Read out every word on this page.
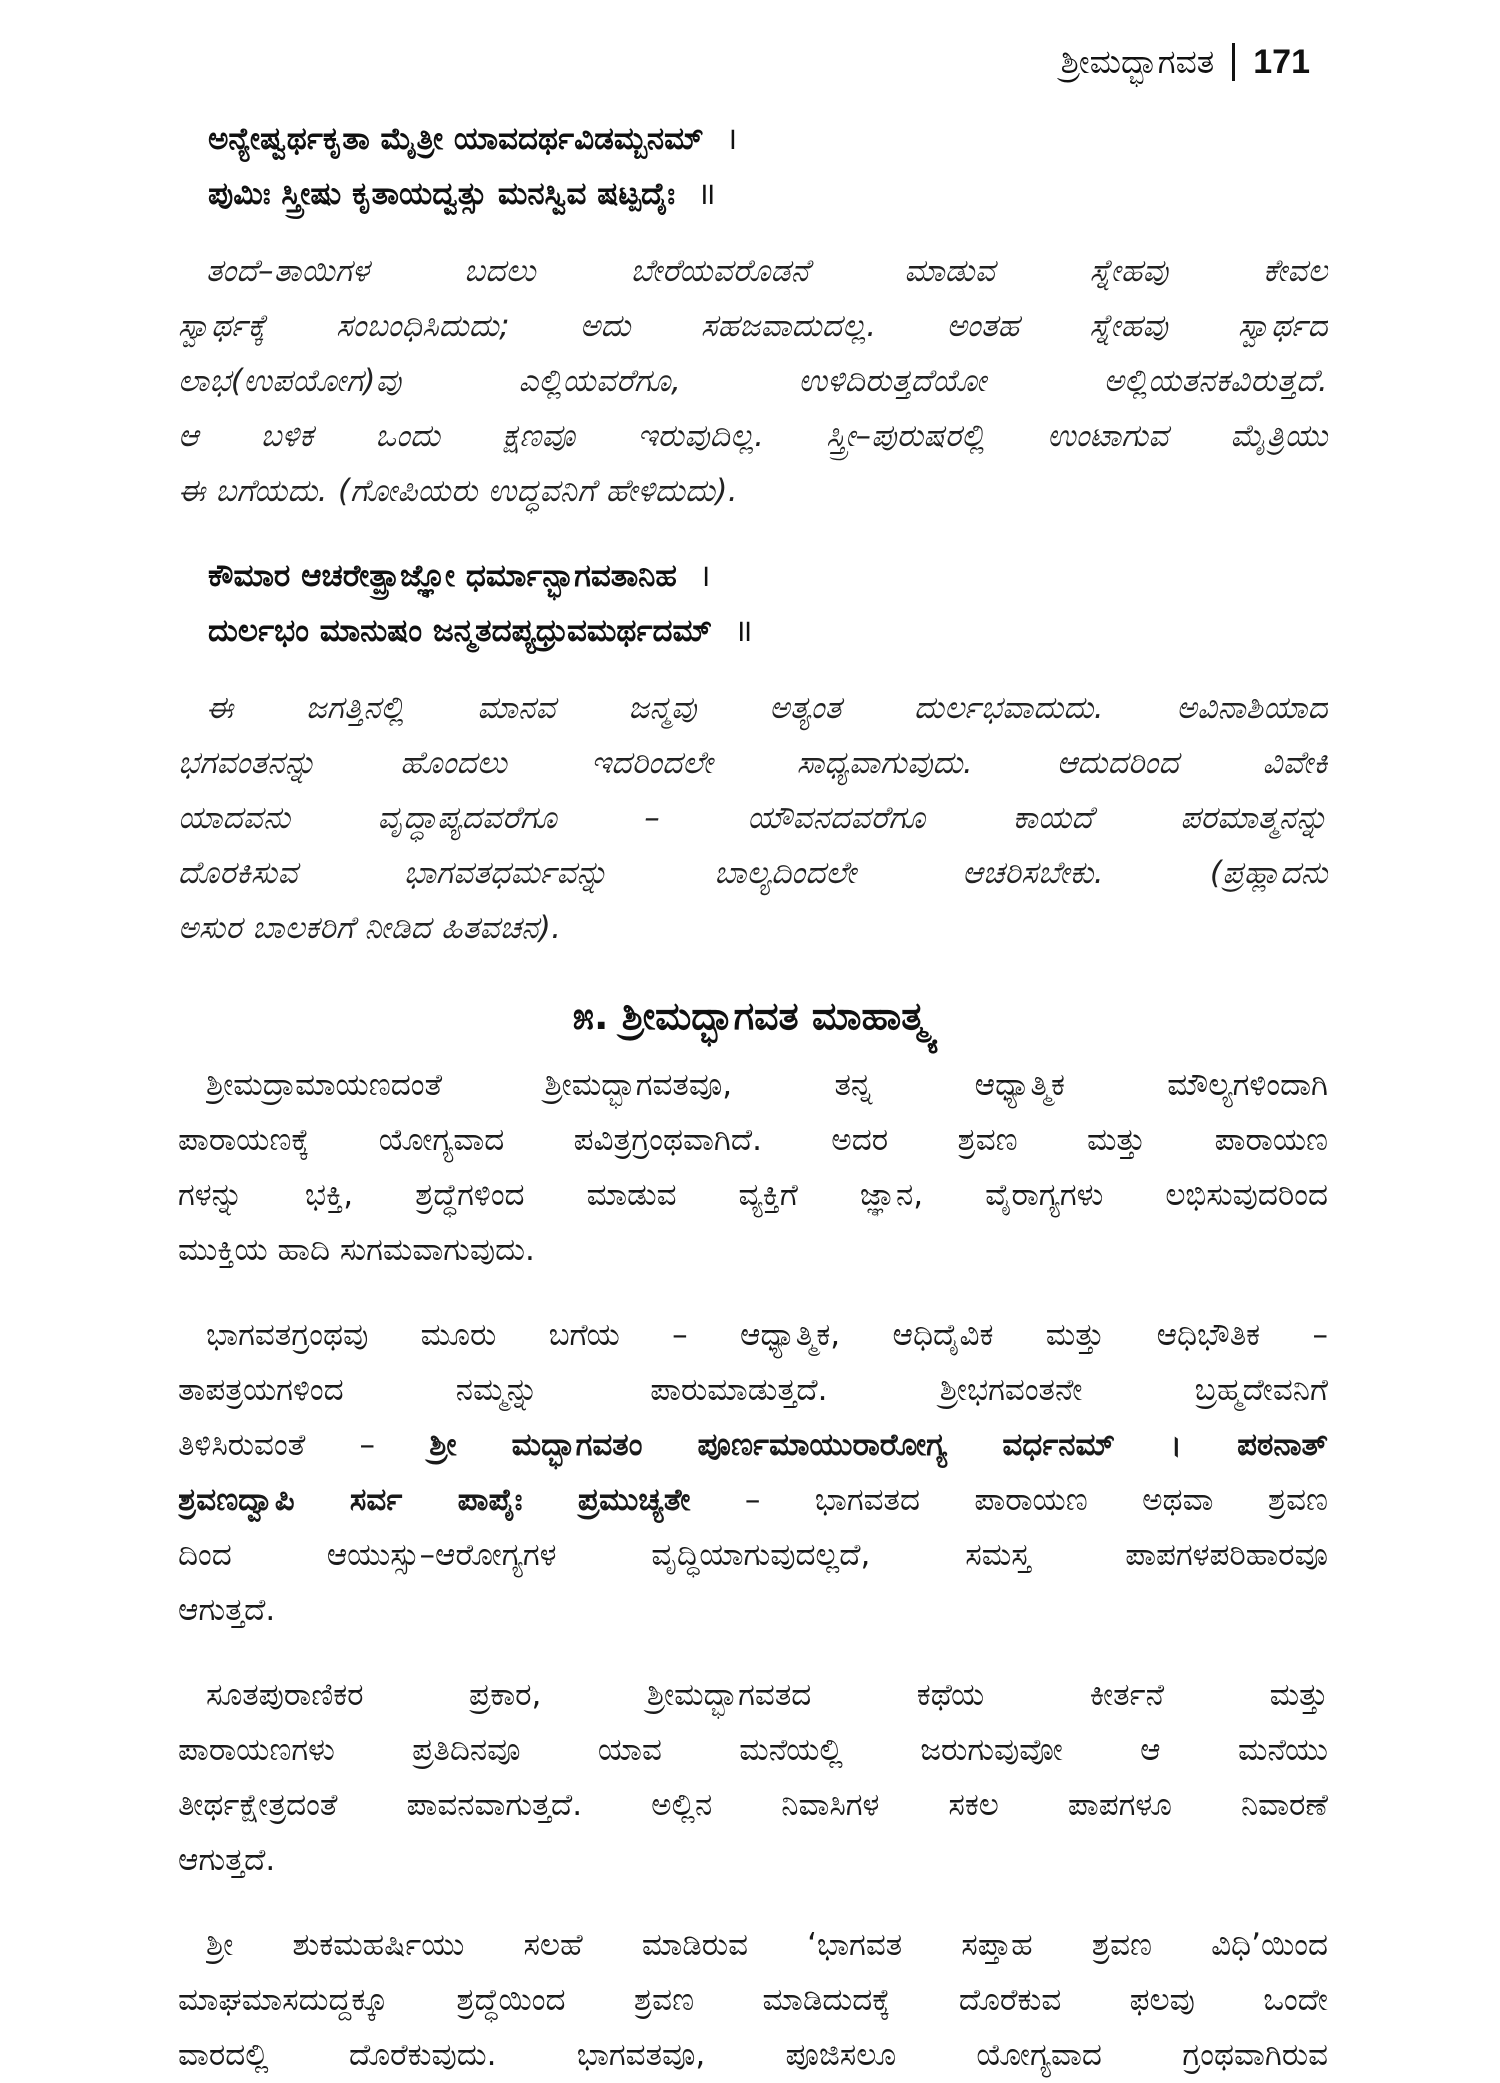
ಶ್ರೀಮದ್ಭಾಗವತ 171
ಅನ್ಯೇಷ್ವರ್ಥಕೃತಾ ಮೈತ್ರೀ ಯಾವದರ್ಥವಿಡಮ್ಬನಮ್ ।
ಪುಮಿಃ ಸ್ತ್ರೀಷು ಕೃತಾಯದ್ವತ್ಸು ಮನಸ್ವಿವ ಷಟ್ಪದೈಃ ॥
ತಂದೆ–ತಾಯಿಗಳ ಬದಲು ಬೇರೆಯವರೊಡನೆ ಮಾಡುವ ಸ್ನೇಹವು ಕೇವಲ
ಸ್ವಾರ್ಥಕ್ಕೆ ಸಂಬಂಧಿಸಿದುದು; ಅದು ಸಹಜವಾದುದಲ್ಲ. ಅಂತಹ ಸ್ನೇಹವು ಸ್ವಾರ್ಥದ
ಲಾಭ(ಉಪಯೋಗ)ವು ಎಲ್ಲಿಯವರೆಗೂ, ಉಳಿದಿರುತ್ತದೆಯೋ ಅಲ್ಲಿಯತನಕವಿರುತ್ತದೆ.
ಆ ಬಳಿಕ ಒಂದು ಕ್ಷಣವೂ ಇರುವುದಿಲ್ಲ. ಸ್ತ್ರೀ–ಪುರುಷರಲ್ಲಿ ಉಂಟಾಗುವ ಮೈತ್ರಿಯು
ಈ ಬಗೆಯದು. (ಗೋಪಿಯರು ಉದ್ಧವನಿಗೆ ಹೇಳಿದುದು).
ಕೌಮಾರ ಆಚರೇತ್ಪ್ರಾಜ್ಞೋ ಧರ್ಮಾನ್ಭಾಗವತಾನಿಹ ।
ದುರ್ಲಭಂ ಮಾನುಷಂ ಜನ್ಮತದಪ್ಯಧ್ರುವಮರ್ಥದಮ್ ॥
ಈ ಜಗತ್ತಿನಲ್ಲಿ ಮಾನವ ಜನ್ಮವು ಅತ್ಯಂತ ದುರ್ಲಭವಾದುದು. ಅವಿನಾಶಿಯಾದ
ಭಗವಂತನನ್ನು ಹೊಂದಲು ಇದರಿಂದಲೇ ಸಾಧ್ಯವಾಗುವುದು. ಆದುದರಿಂದ ವಿವೇಕಿ
ಯಾದವನು ವೃದ್ಧಾಪ್ಯದವರೆಗೂ – ಯೌವನದವರೆಗೂ ಕಾಯದೆ ಪರಮಾತ್ಮನನ್ನು
ದೊರಕಿಸುವ ಭಾಗವತಧರ್ಮವನ್ನು ಬಾಲ್ಯದಿಂದಲೇ ಆಚರಿಸಬೇಕು. (ಪ್ರಹ್ಲಾದನು
ಅಸುರ ಬಾಲಕರಿಗೆ ನೀಡಿದ ಹಿತವಚನ).
೫. ಶ್ರೀಮದ್ಭಾಗವತ ಮಾಹಾತ್ಮ್ಯ
ಶ್ರೀಮದ್ರಾಮಾಯಣದಂತೆ ಶ್ರೀಮದ್ಭಾಗವತವೂ, ತನ್ನ ಆಧ್ಯಾತ್ಮಿಕ ಮೌಲ್ಯಗಳಿಂದಾಗಿ
ಪಾರಾಯಣಕ್ಕೆ ಯೋಗ್ಯವಾದ ಪವಿತ್ರಗ್ರಂಥವಾಗಿದೆ. ಅದರ ಶ್ರವಣ ಮತ್ತು ಪಾರಾಯಣ
ಗಳನ್ನು ಭಕ್ತಿ, ಶ್ರದ್ಧೆಗಳಿಂದ ಮಾಡುವ ವ್ಯಕ್ತಿಗೆ ಜ್ಞಾನ, ವೈರಾಗ್ಯಗಳು ಲಭಿಸುವುದರಿಂದ
ಮುಕ್ತಿಯ ಹಾದಿ ಸುಗಮವಾಗುವುದು.
ಭಾಗವತಗ್ರಂಥವು ಮೂರು ಬಗೆಯ – ಆಧ್ಯಾತ್ಮಿಕ, ಆಧಿದೈವಿಕ ಮತ್ತು ಆಧಿಭೌತಿಕ –
ತಾಪತ್ರಯಗಳಿಂದ ನಮ್ಮನ್ನು ಪಾರುಮಾಡುತ್ತದೆ. ಶ್ರೀಭಗವಂತನೇ ಬ್ರಹ್ಮದೇವನಿಗೆ
ತಿಳಿಸಿರುವಂತೆ – ಶ್ರೀ ಮದ್ಭಾಗವತಂ ಪೂರ್ಣಮಾಯುರಾರೋಗ್ಯ ವರ್ಧನಮ್ । ಪಠನಾತ್
ಶ್ರವಣದ್ವಾಪಿ ಸರ್ವ ಪಾಪೈಃ ಪ್ರಮುಚ್ಯತೇ – ಭಾಗವತದ ಪಾರಾಯಣ ಅಥವಾ ಶ್ರವಣ
ದಿಂದ ಆಯುಸ್ಸು–ಆರೋಗ್ಯಗಳ ವೃದ್ಧಿಯಾಗುವುದಲ್ಲದೆ, ಸಮಸ್ತ ಪಾಪಗಳಪರಿಹಾರವೂ
ಆಗುತ್ತದೆ.
ಸೂತಪುರಾಣಿಕರ ಪ್ರಕಾರ, ಶ್ರೀಮದ್ಭಾಗವತದ ಕಥೆಯ ಕೀರ್ತನೆ ಮತ್ತು
ಪಾರಾಯಣಗಳು ಪ್ರತಿದಿನವೂ ಯಾವ ಮನೆಯಲ್ಲಿ ಜರುಗುವುವೋ ಆ ಮನೆಯು
ತೀರ್ಥಕ್ಷೇತ್ರದಂತೆ ಪಾವನವಾಗುತ್ತದೆ. ಅಲ್ಲಿನ ನಿವಾಸಿಗಳ ಸಕಲ ಪಾಪಗಳೂ ನಿವಾರಣೆ
ಆಗುತ್ತದೆ.
ಶ್ರೀ ಶುಕಮಹರ್ಷಿಯು ಸಲಹೆ ಮಾಡಿರುವ ‘ಭಾಗವತ ಸಪ್ತಾಹ ಶ್ರವಣ ವಿಧಿ’ಯಿಂದ
ಮಾಘಮಾಸದುದ್ದಕ್ಕೂ ಶ್ರದ್ಧೆಯಿಂದ ಶ್ರವಣ ಮಾಡಿದುದಕ್ಕೆ ದೊರೆಕುವ ಫಲವು ಒಂದೇ
ವಾರದಲ್ಲಿ ದೊರೆಕುವುದು. ಭಾಗವತವೂ, ಪೂಜಿಸಲೂ ಯೋಗ್ಯವಾದ ಗ್ರಂಥವಾಗಿರುವ
